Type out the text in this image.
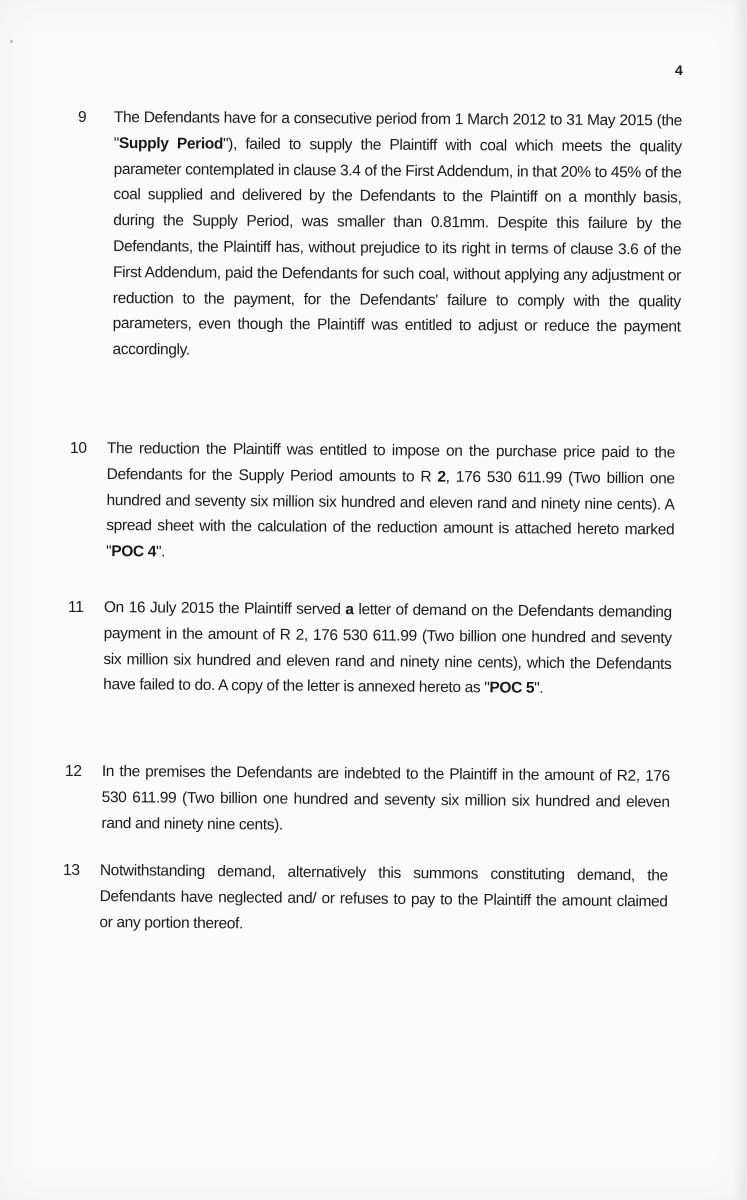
4
9 The Defendants have for a consecutive period from 1 March 2012 to 31 May 2015 (the "Supply Period"), failed to supply the Plaintiff with coal which meets the quality parameter contemplated in clause 3.4 of the First Addendum, in that 20% to 45% of the coal supplied and delivered by the Defendants to the Plaintiff on a monthly basis, during the Supply Period, was smaller than 0.81mm. Despite this failure by the Defendants, the Plaintiff has, without prejudice to its right in terms of clause 3.6 of the First Addendum, paid the Defendants for such coal, without applying any adjustment or reduction to the payment, for the Defendants' failure to comply with the quality parameters, even though the Plaintiff was entitled to adjust or reduce the payment accordingly.
10 The reduction the Plaintiff was entitled to impose on the purchase price paid to the Defendants for the Supply Period amounts to R 2, 176 530 611.99 (Two billion one hundred and seventy six million six hundred and eleven rand and ninety nine cents). A spread sheet with the calculation of the reduction amount is attached hereto marked "POC 4".
11 On 16 July 2015 the Plaintiff served a letter of demand on the Defendants demanding payment in the amount of R 2, 176 530 611.99 (Two billion one hundred and seventy six million six hundred and eleven rand and ninety nine cents), which the Defendants have failed to do. A copy of the letter is annexed hereto as "POC 5".
12 In the premises the Defendants are indebted to the Plaintiff in the amount of R2, 176 530 611.99 (Two billion one hundred and seventy six million six hundred and eleven rand and ninety nine cents).
13 Notwithstanding demand, alternatively this summons constituting demand, the Defendants have neglected and/ or refuses to pay to the Plaintiff the amount claimed or any portion thereof.
